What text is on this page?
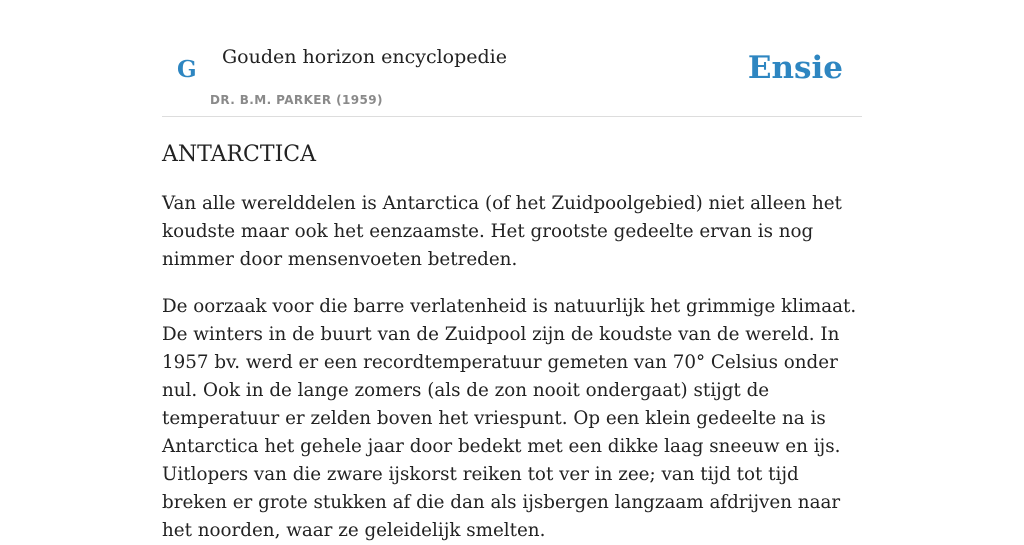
G Gouden horizon encyclopedie
DR. B.M. PARKER (1959)
Ensie
ANTARCTICA

Van alle werelddelen is Antarctica (of het Zuidpoolgebied) niet alleen het koudste maar ook het eenzaamste. Het grootste gedeelte ervan is nog nimmer door mensenvoeten betreden.

De oorzaak voor die barre verlatenheid is natuurlijk het grimmige klimaat. De winters in de buurt van de Zuidpool zijn de koudste van de wereld. In 1957 bv. werd er een recordtemperatuur gemeten van 70° Celsius onder nul. Ook in de lange zomers (als de zon nooit ondergaat) stijgt de temperatuur er zelden boven het vriespunt. Op een klein gedeelte na is Antarctica het gehele jaar door bedekt met een dikke laag sneeuw en ijs. Uitlopers van die zware ijskorst reiken tot ver in zee; van tijd tot tijd breken er grote stukken af die dan als ijsbergen langzaam afdrijven naar het noorden, waar ze geleidelijk smelten.
